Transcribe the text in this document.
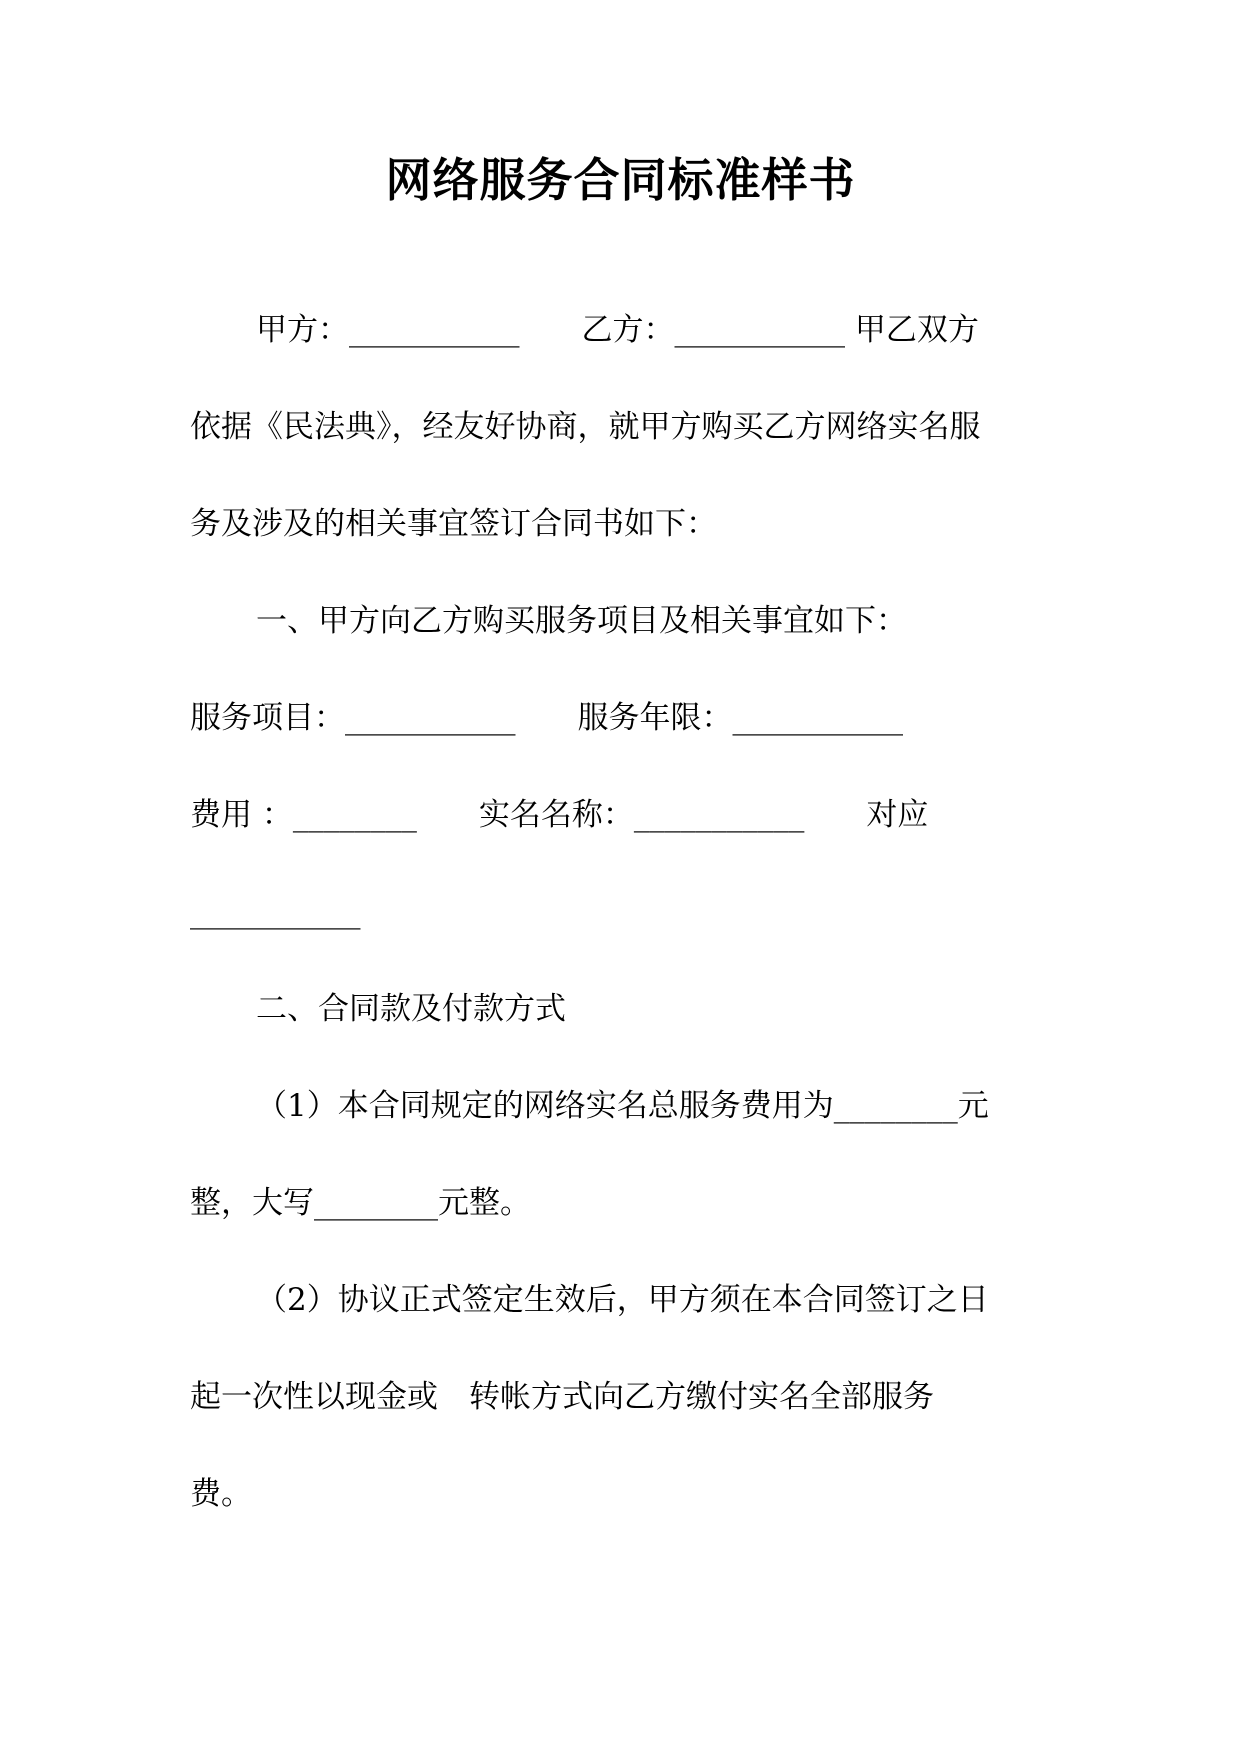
网络服务合同标准样书
甲方：___________　　乙方：___________ 甲乙双方
依据《民法典》，经友好协商，就甲方购买乙方网络实名服
务及涉及的相关事宜签订合同书如下：
一、甲方向乙方购买服务项目及相关事宜如下：
服务项目：___________　　服务年限：___________
费用 ：________　　实名名称：___________　　对应
___________
二、合同款及付款方式
（1）本合同规定的网络实名总服务费用为________元
整，大写________元整。
（2）协议正式签定生效后，甲方须在本合同签订之日
起一次性以现金或　转帐方式向乙方缴付实名全部服务
费。
